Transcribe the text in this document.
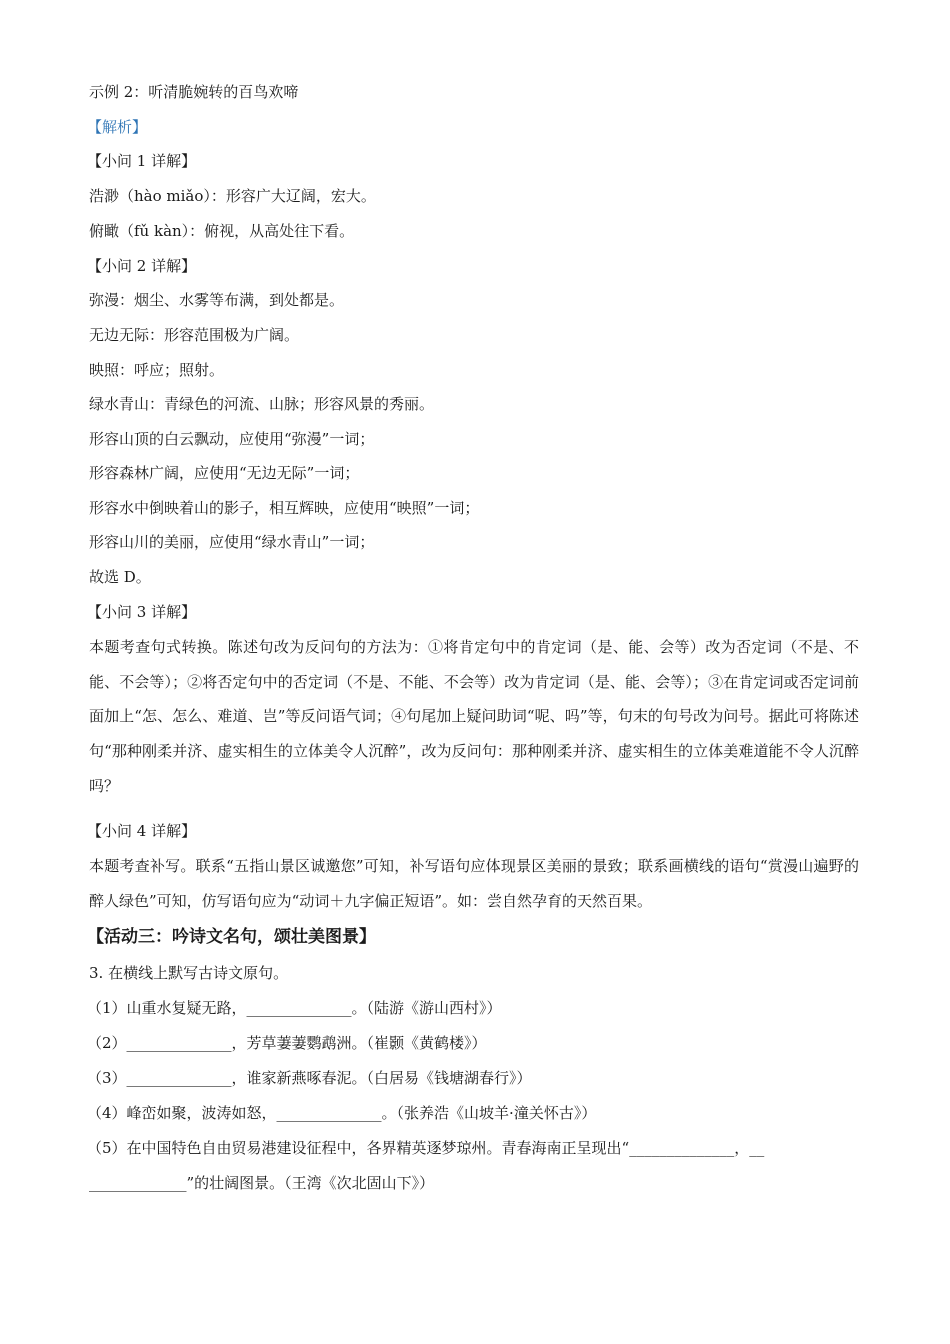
示例 2：听清脆婉转的百鸟欢啼
【解析】
【小问 1 详解】
浩渺（hào miǎo）：形容广大辽阔，宏大。
俯瞰（fǔ kàn）：俯视，从高处往下看。
【小问 2 详解】
弥漫：烟尘、水雾等布满，到处都是。
无边无际：形容范围极为广阔。
映照：呼应；照射。
绿水青山：青绿色的河流、山脉；形容风景的秀丽。
形容山顶的白云飘动，应使用“弥漫”一词；
形容森林广阔，应使用“无边无际”一词；
形容水中倒映着山的影子，相互辉映，应使用“映照”一词；
形容山川的美丽，应使用“绿水青山”一词；
故选 D。
【小问 3 详解】
本题考查句式转换。陈述句改为反问句的方法为：①将肯定句中的肯定词（是、能、会等）改为否定词（不是、不能、不会等）；②将否定句中的否定词（不是、不能、不会等）改为肯定词（是、能、会等）；③在肯定词或否定词前面加上“怎、怎么、难道、岂”等反问语气词；④句尾加上疑问助词“呢、吗”等，句末的句号改为问号。据此可将陈述句“那种刚柔并济、虚实相生的立体美令人沉醉”，改为反问句：那种刚柔并济、虚实相生的立体美难道能不令人沉醉吗？
【小问 4 详解】
本题考查补写。联系“五指山景区诚邀您”可知，补写语句应体现景区美丽的景致；联系画横线的语句“赏漫山遍野的醉人绿色”可知，仿写语句应为“动词＋九字偏正短语”。如：尝自然孕育的天然百果。
【活动三：吟诗文名句，颂壮美图景】
3. 在横线上默写古诗文原句。
（1）山重水复疑无路，______________。（陆游《游山西村》）
（2）______________，芳草萋萋鹦鹉洲。（崔颢《黄鹤楼》）
（3）______________，谁家新燕啄春泥。（白居易《钱塘湖春行》）
（4）峰峦如聚，波涛如怒，______________。（张养浩《山坡羊·潼关怀古》）
（5）在中国特色自由贸易港建设征程中，各界精英逐梦琼州。青春海南正呈现出“______________，__
_____________”的壮阔图景。（王湾《次北固山下》）
